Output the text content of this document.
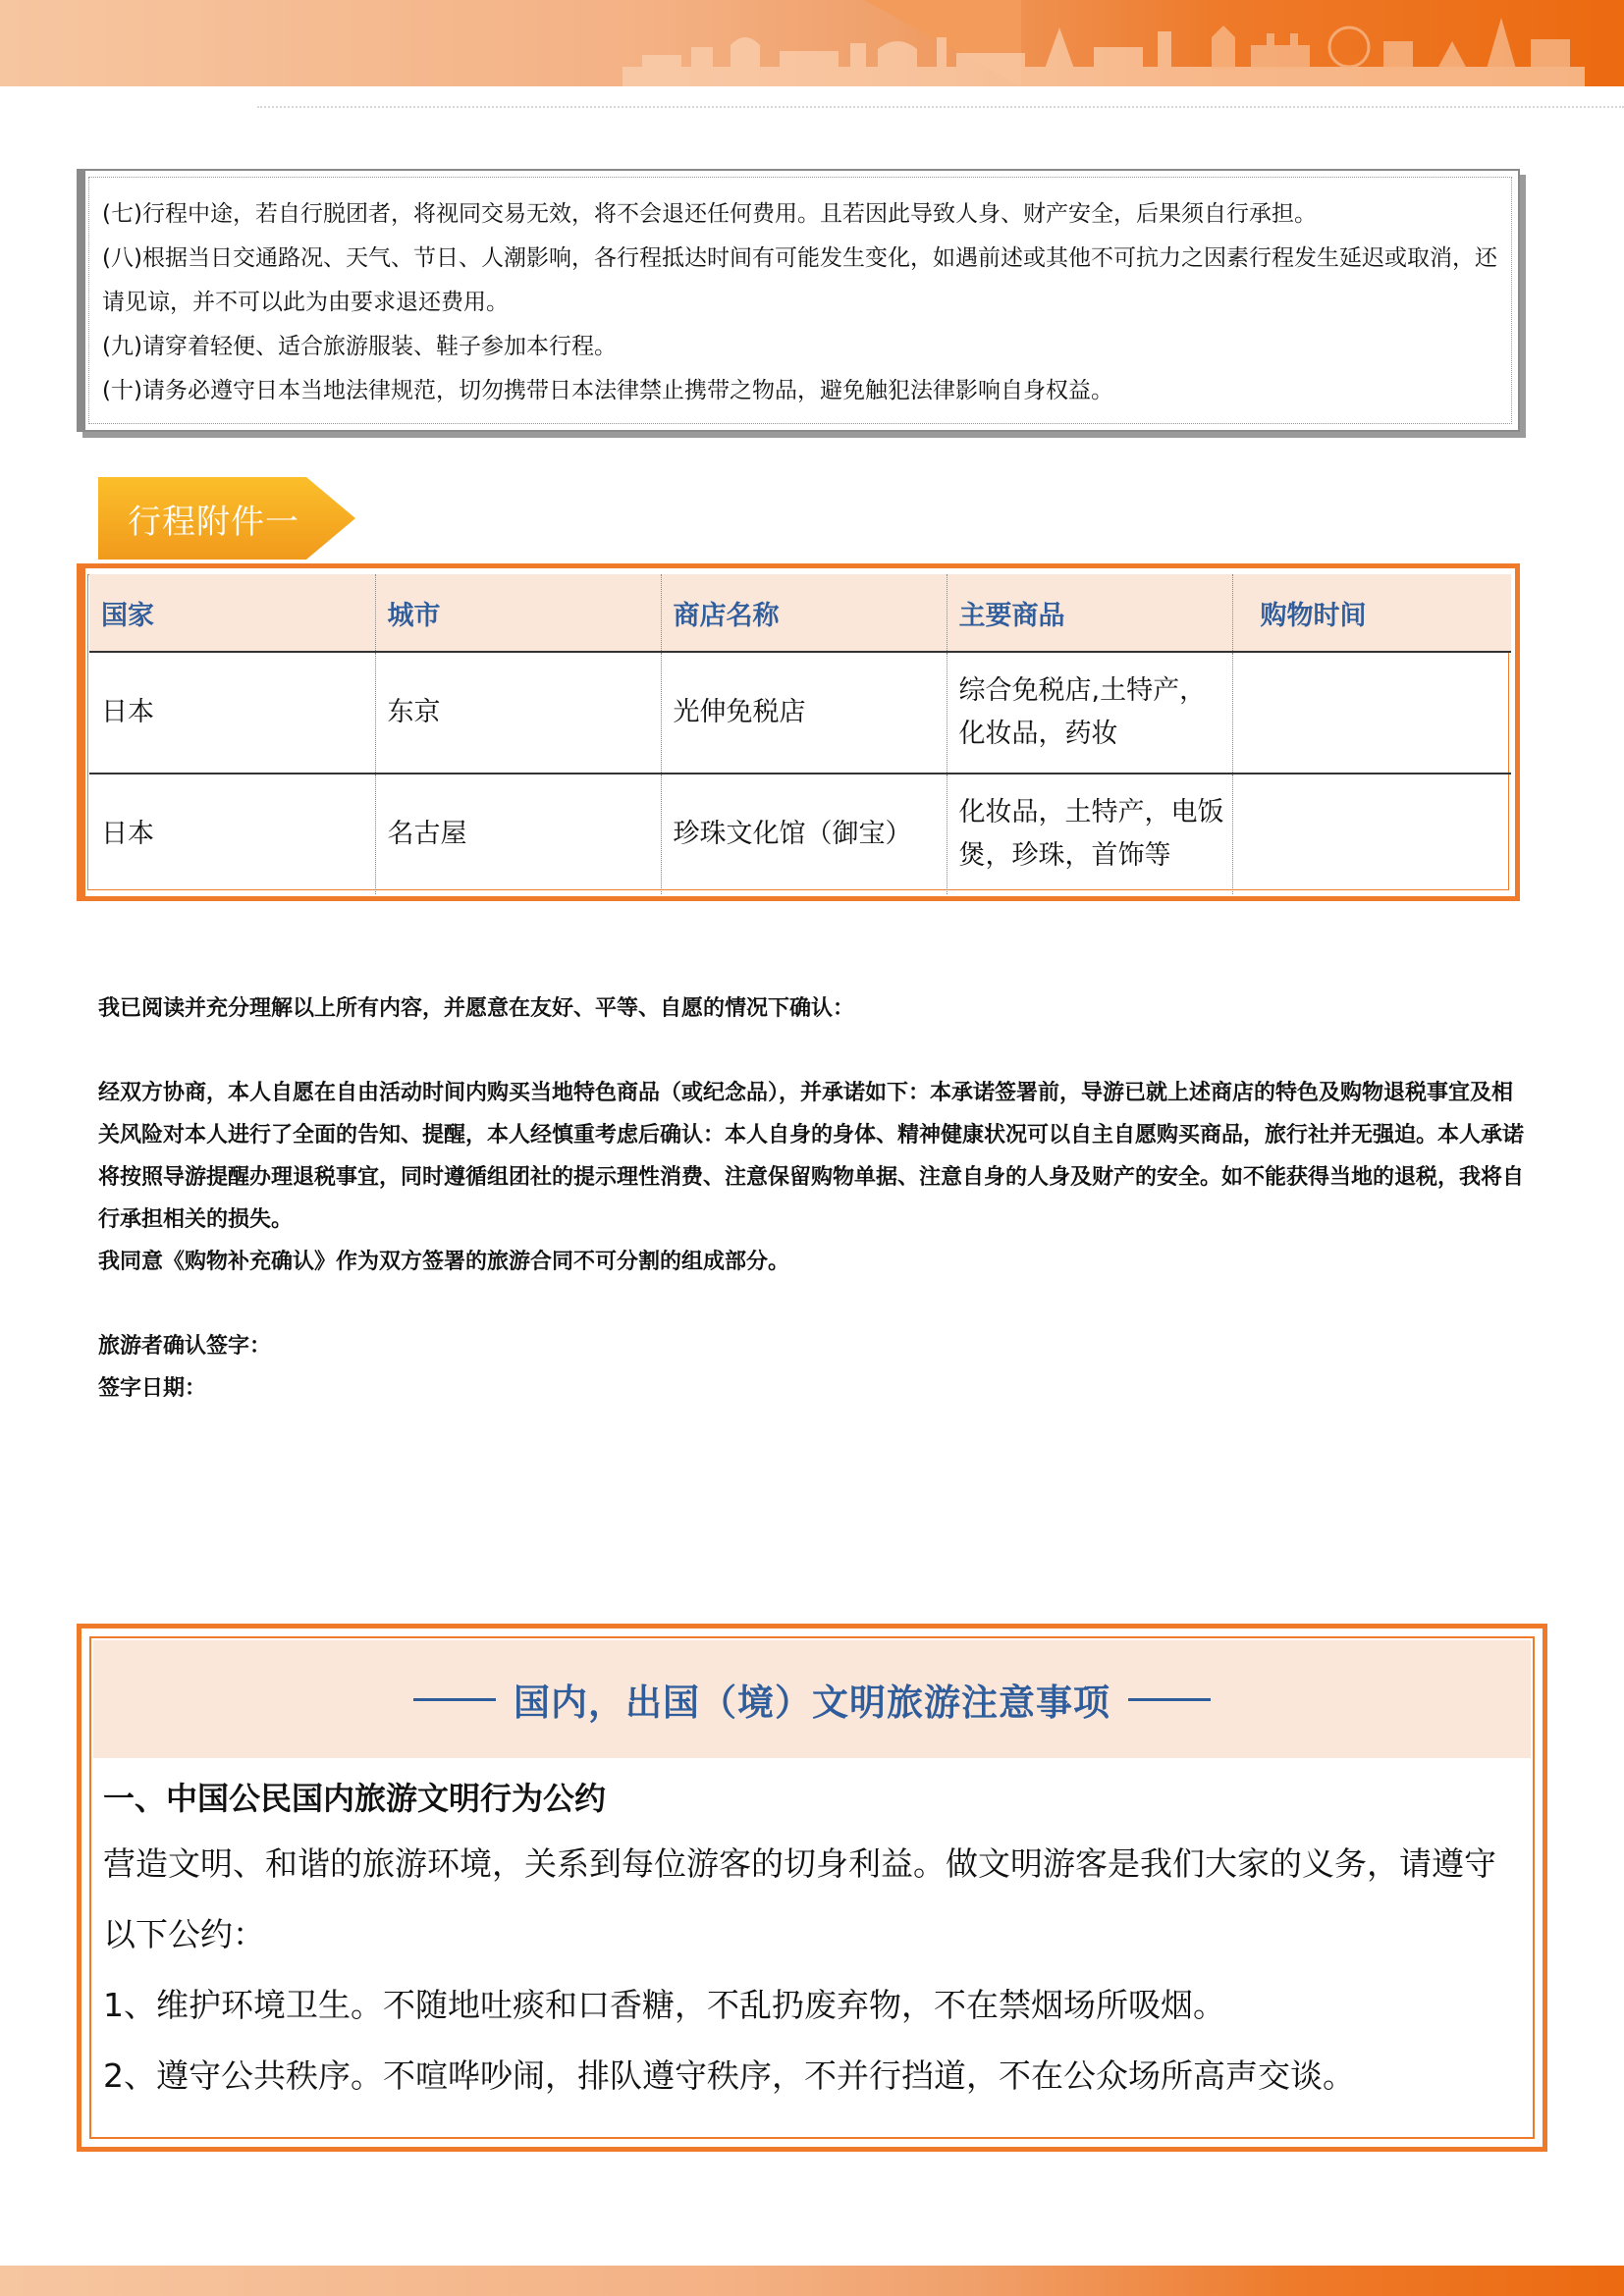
(七)行程中途，若自行脱团者，将视同交易无效，将不会退还任何费用。且若因此导致人身、财产安全，后果须自行承担。

(八)根据当日交通路况、天气、节日、人潮影响，各行程抵达时间有可能发生变化，如遇前述或其他不可抗力之因素行程发生延迟或取消，还请见谅，并不可以此为由要求退还费用。

(九)请穿着轻便、适合旅游服装、鞋子参加本行程。

(十)请务必遵守日本当地法律规范，切勿携带日本法律禁止携带之物品，避免触犯法律影响自身权益。

行程附件一
国家	城市	商店名称	主要商品	购物时间
日本	东京	光伸免税店	综合免税店,土特产，化妆品，药妆	
日本	名古屋	珍珠文化馆（御宝）	化妆品，土特产，电饭煲，珍珠，首饰等	

我已阅读并充分理解以上所有内容，并愿意在友好、平等、自愿的情况下确认：

经双方协商，本人自愿在自由活动时间内购买当地特色商品（或纪念品），并承诺如下：本承诺签署前，导游已就上述商店的特色及购物退税事宜及相关风险对本人进行了全面的告知、提醒，本人经慎重考虑后确认：本人自身的身体、精神健康状况可以自主自愿购买商品，旅行社并无强迫。本人承诺将按照导游提醒办理退税事宜，同时遵循组团社的提示理性消费、注意保留购物单据、注意自身的人身及财产的安全。如不能获得当地的退税，我将自行承担相关的损失。

我同意《购物补充确认》作为双方签署的旅游合同不可分割的组成部分。

旅游者确认签字：

签字日期：

国内，出国（境）文明旅游注意事项
一、中国公民国内旅游文明行为公约

营造文明、和谐的旅游环境，关系到每位游客的切身利益。做文明游客是我们大家的义务，请遵守以下公约：

1、维护环境卫生。不随地吐痰和口香糖，不乱扔废弃物，不在禁烟场所吸烟。

2、遵守公共秩序。不喧哗吵闹，排队遵守秩序，不并行挡道，不在公众场所高声交谈。
